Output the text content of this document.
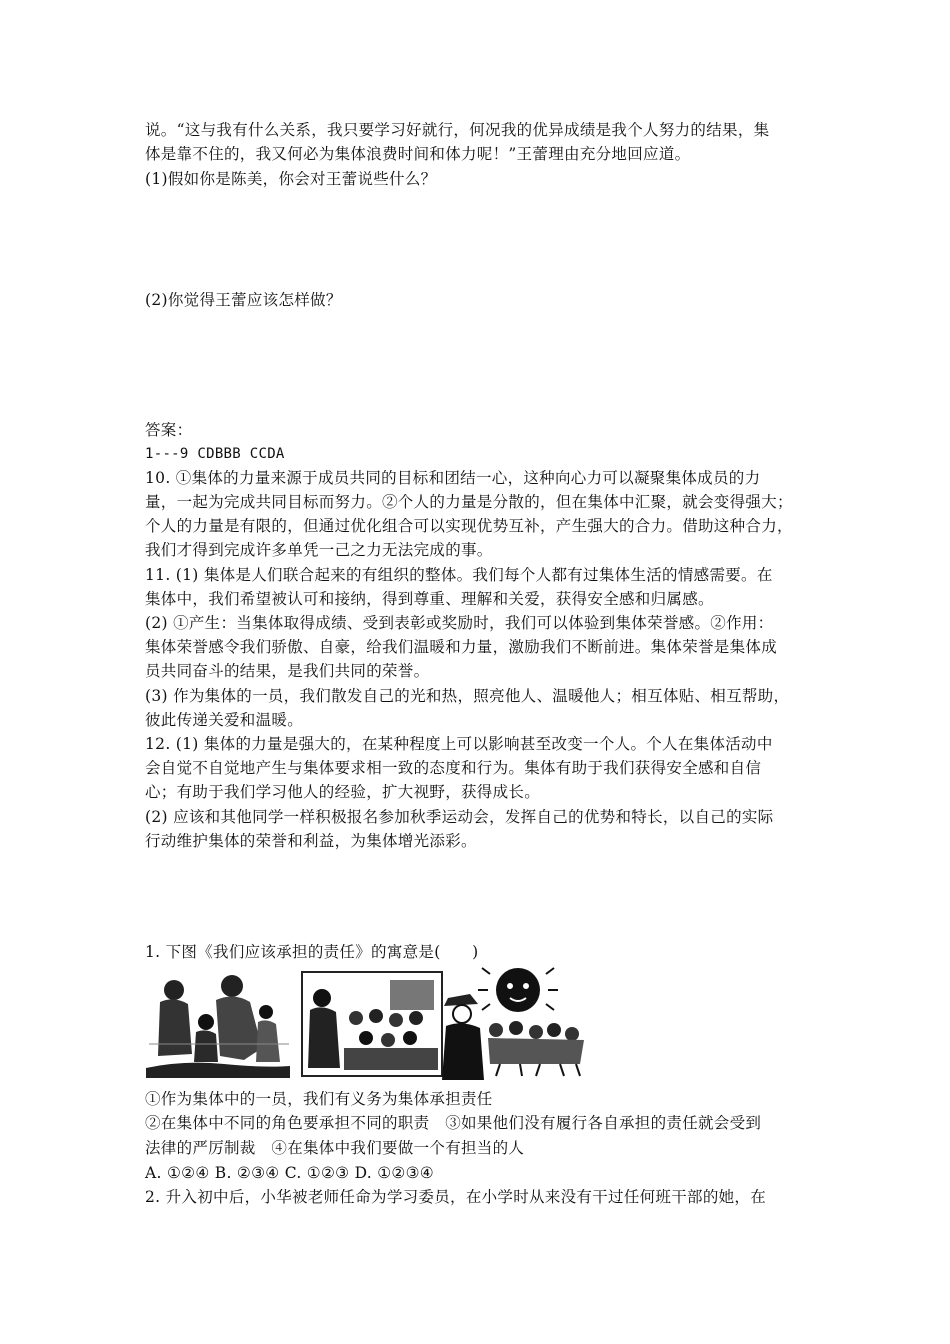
说。“这与我有什么关系，我只要学习好就行，何况我的优异成绩是我个人努力的结果，集
体是靠不住的，我又何必为集体浪费时间和体力呢！”王蕾理由充分地回应道。
(1)假如你是陈美，你会对王蕾说些什么？
(2)你觉得王蕾应该怎样做？
答案：
1---9 CDBBB CCDA
10. ①集体的力量来源于成员共同的目标和团结一心，这种向心力可以凝聚集体成员的力
量，一起为完成共同目标而努力。②个人的力量是分散的，但在集体中汇聚，就会变得强大；
个人的力量是有限的，但通过优化组合可以实现优势互补，产生强大的合力。借助这种合力，
我们才得到完成许多单凭一己之力无法完成的事。
11. (1) 集体是人们联合起来的有组织的整体。我们每个人都有过集体生活的情感需要。在
集体中，我们希望被认可和接纳，得到尊重、理解和关爱，获得安全感和归属感。
(2) ①产生：当集体取得成绩、受到表彰或奖励时，我们可以体验到集体荣誉感。②作用：
集体荣誉感令我们骄傲、自豪，给我们温暖和力量，激励我们不断前进。集体荣誉是集体成
员共同奋斗的结果，是我们共同的荣誉。
(3) 作为集体的一员，我们散发自己的光和热，照亮他人、温暖他人；相互体贴、相互帮助，
彼此传递关爱和温暖。
12. (1) 集体的力量是强大的，在某种程度上可以影响甚至改变一个人。个人在集体活动中
会自觉不自觉地产生与集体要求相一致的态度和行为。集体有助于我们获得安全感和自信
心；有助于我们学习他人的经验，扩大视野，获得成长。
(2) 应该和其他同学一样积极报名参加秋季运动会，发挥自己的优势和特长，以自己的实际
行动维护集体的荣誉和利益，为集体增光添彩。
1. 下图《我们应该承担的责任》的寓意是(　　)
①作为集体中的一员，我们有义务为集体承担责任
②在集体中不同的角色要承担不同的职责　③如果他们没有履行各自承担的责任就会受到
法律的严厉制裁　④在集体中我们要做一个有担当的人
A. ①②④ B. ②③④ C. ①②③ D. ①②③④
2. 升入初中后，小华被老师任命为学习委员，在小学时从来没有干过任何班干部的她，在
